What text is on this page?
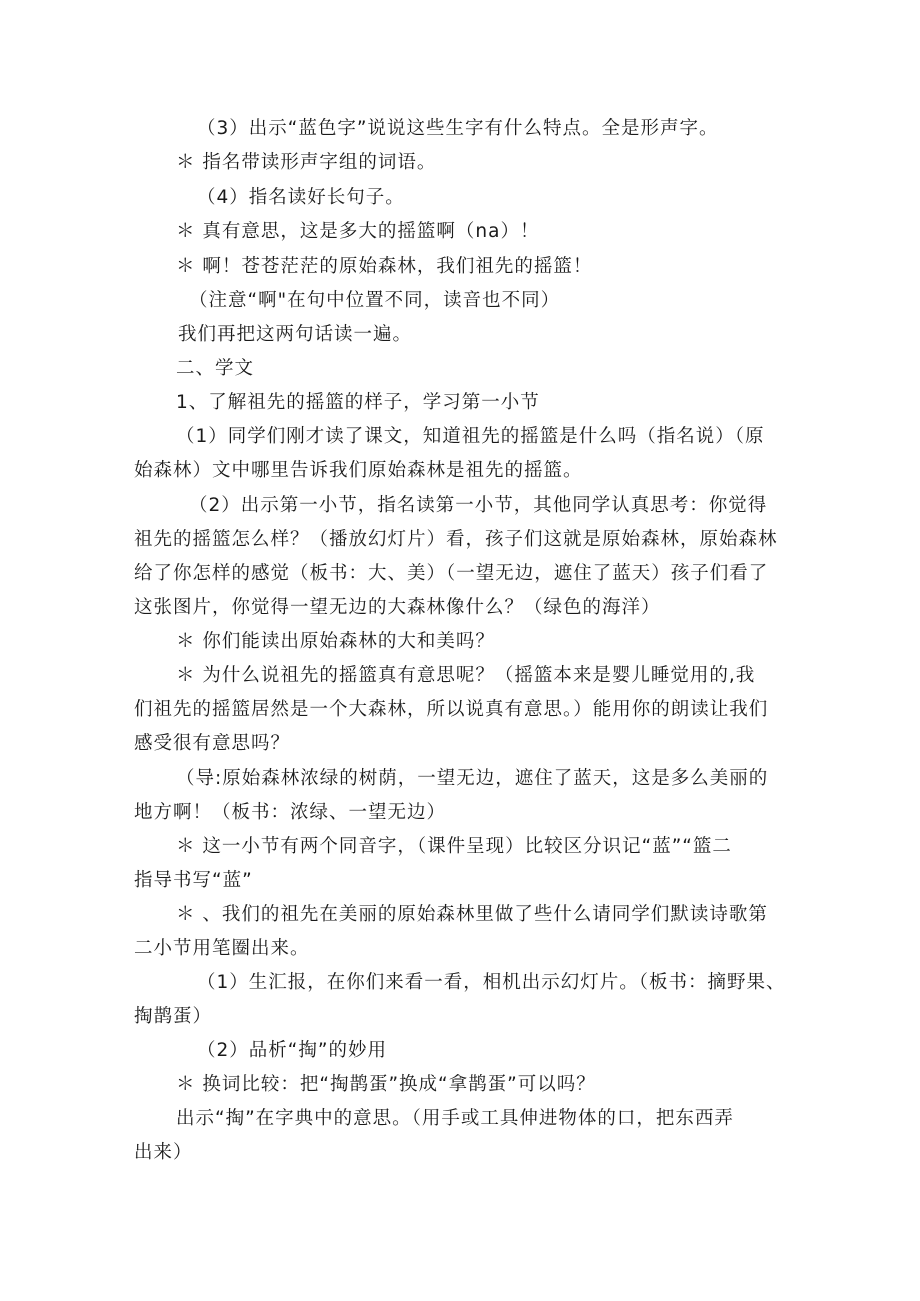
（3）出示“蓝色字”说说这些生字有什么特点。全是形声字。
＊ 指名带读形声字组的词语。
（4）指名读好长句子。
＊ 真有意思，这是多大的摇篮啊（na）！
＊ 啊！苍苍茫茫的原始森林，我们祖先的摇篮！
（注意“啊"在句中位置不同，读音也不同）
我们再把这两句话读一遍。
二、学文
1、了解祖先的摇篮的样子，学习第一小节
（1）同学们刚才读了课文，知道祖先的摇篮是什么吗（指名说）（原
始森林）文中哪里告诉我们原始森林是祖先的摇篮。
（2）出示第一小节，指名读第一小节，其他同学认真思考：你觉得
祖先的摇篮怎么样？（播放幻灯片）看，孩子们这就是原始森林，原始森林
给了你怎样的感觉（板书：大、美）（一望无边，遮住了蓝天）孩子们看了
这张图片，你觉得一望无边的大森林像什么？（绿色的海洋）
＊ 你们能读出原始森林的大和美吗？
＊ 为什么说祖先的摇篮真有意思呢？（摇篮本来是婴儿睡觉用的,我
们祖先的摇篮居然是一个大森林，所以说真有意思。）能用你的朗读让我们
感受很有意思吗？
（导:原始森林浓绿的树荫，一望无边，遮住了蓝天，这是多么美丽的
地方啊！（板书：浓绿、一望无边）
＊ 这一小节有两个同音字，（课件呈现）比较区分识记“蓝”“篮二
指导书写“蓝”
＊ 、我们的祖先在美丽的原始森林里做了些什么请同学们默读诗歌第
二小节用笔圈出来。
（1）生汇报，在你们来看一看，相机出示幻灯片。（板书：摘野果、
掏鹊蛋）
（2）品析“掏”的妙用
＊ 换词比较：把“掏鹊蛋”换成“拿鹊蛋”可以吗？
出示“掏”在字典中的意思。（用手或工具伸进物体的口，把东西弄
出来）
